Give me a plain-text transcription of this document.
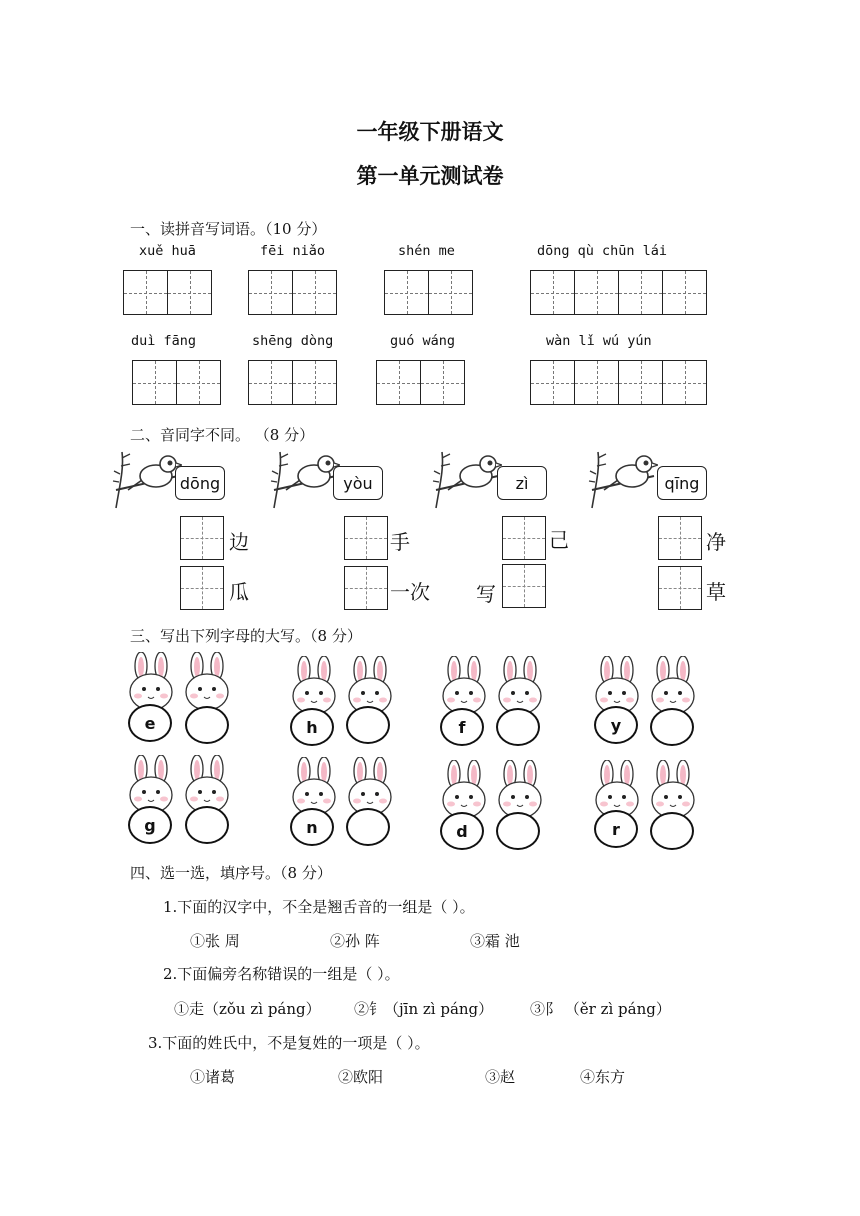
一年级下册语文
第一单元测试卷
一、读拼音写词语。（10 分）
xuě huā	fēi niǎo	shén me	dōng qù chūn lái
duì fāng	shēng dòng	guó wáng	wàn lǐ wú yún
二、音同字不同。 （8 分）
dōng
边
瓜
yòu
手
一次
zì
己
写
qīng
净
草
三、写出下列字母的大写。（8 分）
e	h	f	y
g	n	d	r
四、选一选，填序号。（8 分）
1.下面的汉字中，不全是翘舌音的一组是（ ）。
①张 周	②孙 阵	③霜 池
2.下面偏旁名称错误的一组是（ ）。
①走（zǒu zì páng） ②钅（jīn zì páng） ③阝 （ěr zì páng）
3.下面的姓氏中，不是复姓的一项是（ ）。
①诸葛	②欧阳	③赵	④东方
